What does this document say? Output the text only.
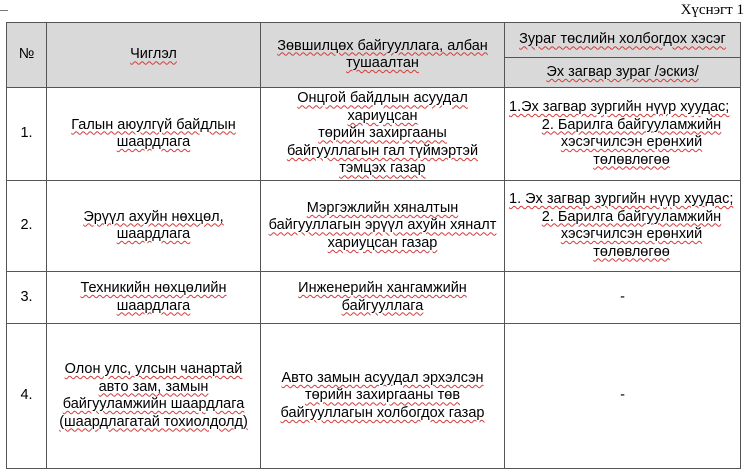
Хүснэгт 1
№	Чиглэл	Зөвшилцөх байгууллага, албан тушаалтан	Зураг төслийн холбогдох хэсэг
			Эх загвар зураг /эскиз/
1.	Галын аюулгүй байдлын шаардлага	Онцгой байдлын асуудал хариуцсан
төрийн захиргааны
байгууллагын гал түймэртэй
тэмцэх газар	1.Эх загвар зургийн нүүр хуудас;
2. Барилга байгууламжийн хэсэгчилсэн ерөнхий төлөвлөгөө

2.	Эрүүл ахуйн нөхцөл, шаардлага	Мэргэжлийн хяналтын байгууллагын эрүүл ахуйн хяналт хариуцсан газар	1. Эх загвар зургийн нүүр хуудас;
2. Барилга байгууламжийн хэсэгчилсэн ерөнхий төлөвлөгөө

3.	Техникийн нөхцөлийн шаардлага	Инженерийн хангамжийн байгууллага	-
4.	Олон улс, улсын чанартай авто зам, замын байгууламжийн шаардлага (шаардлагатай тохиолдолд)	Авто замын асуудал эрхэлсэн төрийн захиргааны төв байгууллагын холбогдох газар	-
